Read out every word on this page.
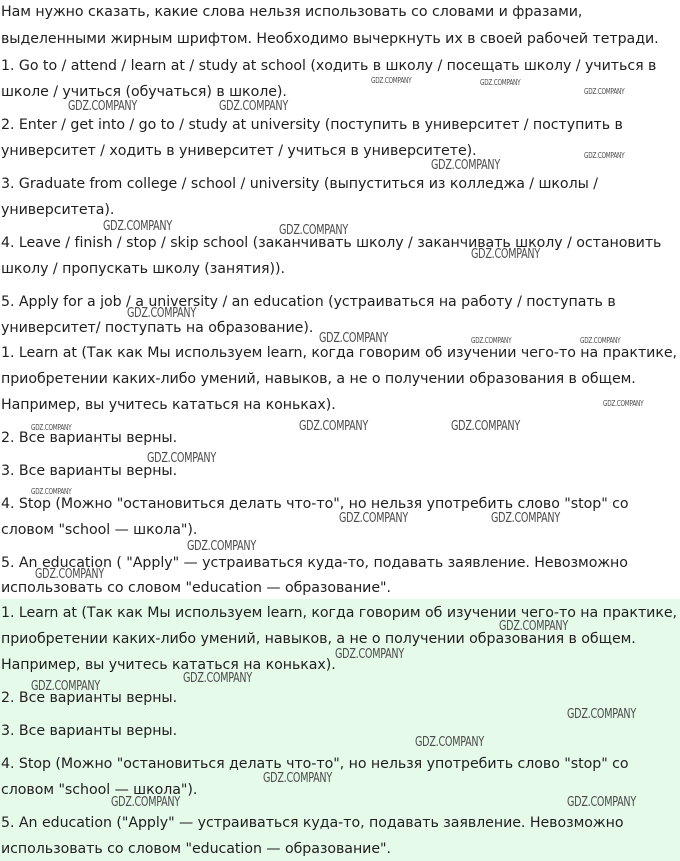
Нам нужно сказать, какие слова нельзя использовать со словами и фразами,

выделенными жирным шрифтом. Необходимо вычеркнуть их в своей рабочей тетради.

1. Go to / attend / learn at / study at school (ходить в школу / посещать школу / учиться в

школе / учиться (обучаться) в школе).

2. Enter / get into / go to / study at university (поступить в университет / поступить в

университет / ходить в университет / учиться в университете).

3. Graduate from college / school / university (выпуститься из колледжа / школы /

университета).

4. Leave / finish / stop / skip school (заканчивать школу / заканчивать школу / остановить

школу / пропускать школу (занятия)).

5. Apply for a job / a university / an education (устраиваться на работу / поступать в

университет/ поступать на образование).

1. Learn at (Так как Мы используем learn, когда говорим об изучении чего-то на практике,

приобретении каких-либо умений, навыков, а не о получении образования в общем.

Например, вы учитесь кататься на коньках).

2. Все варианты верны.

3. Все варианты верны.

4. Stop (Можно "остановиться делать что-то", но нельзя употребить слово "stop" со

словом "school — школа").

5. An education ( "Apply" — устраиваться куда-то, подавать заявление. Невозможно

использовать со словом "education — образование".

1. Learn at (Так как Мы используем learn, когда говорим об изучении чего-то на практике,

приобретении каких-либо умений, навыков, а не о получении образования в общем.

Например, вы учитесь кататься на коньках).

2. Все варианты верны.

3. Все варианты верны.

4. Stop (Можно "остановиться делать что-то", но нельзя употребить слово "stop" со

словом "school — школа").

5. An education ("Apply" — устраиваться куда-то, подавать заявление. Невозможно

использовать со словом "education — образование".

GDZ.COMPANY	GDZ.COMPANY
GDZ.COMPANY
GDZ.COMPANY	GDZ.COMPANY
GDZ.COMPANY
GDZ.COMPANY
GDZ.COMPANY	GDZ.COMPANY
GDZ.COMPANY
GDZ.COMPANY
GDZ.COMPANY	GDZ.COMPANY	GDZ.COMPANY
GDZ.COMPANY
GDZ.COMPANY	GDZ.COMPANY	GDZ.COMPANY
GDZ.COMPANY
GDZ.COMPANY
GDZ.COMPANY	GDZ.COMPANY
GDZ.COMPANY
GDZ.COMPANY
GDZ.COMPANY
GDZ.COMPANY
GDZ.COMPANY
GDZ.COMPANY
GDZ.COMPANY
GDZ.COMPANY
GDZ.COMPANY
GDZ.COMPANY	GDZ.COMPANY
